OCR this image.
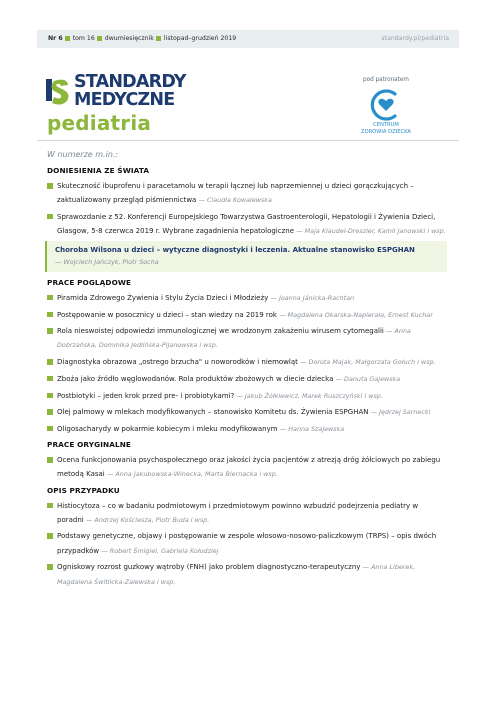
Nr 6 tom 16 dwumiesięcznik listopad–grudzień 2019	standardy.pl/pediatria
STANDARDY
MEDYCZNE
pediatria
pod patronatem
CENTRUM
ZDROWIA DZIECKA
W numerze m.in.:
DONIESIENIA ZE ŚWIATA
Skuteczność ibuprofenu i paracetamolu w terapii łącznej lub naprzemiennej u dzieci gorączkujących – zaktualizowany przegląd piśmiennictwa — Claudia Kowalewska
Sprawozdanie z 52. Konferencji Europejskiego Towarzystwa Gastroenterologii, Hepatologii i Żywienia Dzieci, Glasgow, 5-8 czerwca 2019 r. Wybrane zagadnienia hepatologiczne — Maja Klaudel-Dreszler, Kamil Janowski i wsp.
Choroba Wilsona u dzieci – wytyczne diagnostyki i leczenia. Aktualne stanowisko ESPGHAN
— Wojciech Jańczyk, Piotr Socha
PRACE POGLĄDOWE
Piramida Zdrowego Żywienia i Stylu Życia Dzieci i Młodzieży — Joanna Jánicka-Rachtan
Postępowanie w posocznicy u dzieci – stan wiedzy na 2019 rok — Magdalena Okarska-Napierała, Ernest Kuchar
Rola nieswoistej odpowiedzi immunologicznej we wrodzonym zakażeniu wirusem cytomegalii — Anna Dobrzańska, Dominika Jedlińska-Pijanowska i wsp.
Diagnostyka obrazowa „ostrego brzucha" u noworodków i niemowląt — Dorota Majak, Małgorzata Gołuch i wsp.
Zboża jako źródło węglowodanów. Rola produktów zbożowych w diecie dziecka — Danuta Gajewska
Postbiotyki – jeden krok przed pre- i probiotykami? — Jakub Żółkiewicz, Marek Ruszczyński i wsp.
Olej palmowy w mlekach modyfikowanych – stanowisko Komitetu ds. Żywienia ESPGHAN — Jędrzej Sarnecki
Oligosacharydy w pokarmie kobiecym i mleku modyfikowanym — Hanna Szajewska
PRACE ORYGINALNE
Ocena funkcjonowania psychospołecznego oraz jakości życia pacjentów z atrezją dróg żółciowych po zabiegu metodą Kasai — Anna Jakubowska-Winecka, Marta Biernacka i wsp.
OPIS PRZYPADKU
Histiocytoza – co w badaniu podmiotowym i przedmiotowym powinno wzbudzić podejrzenia pediatry w poradni — Andrzej Kościesza, Piotr Buda i wsp.
Podstawy genetyczne, objawy i postępowanie w zespole włosowo-nosowo-paliczkowym (TRPS) – opis dwóch przypadków — Robert Śmigiel, Gabriela Kołodziej
Ogniskowy rozrost guzkowy wątroby (FNH) jako problem diagnostyczno-terapeutyczny — Anna Liberek, Magdalena Świtlicka-Zalewska i wsp.
